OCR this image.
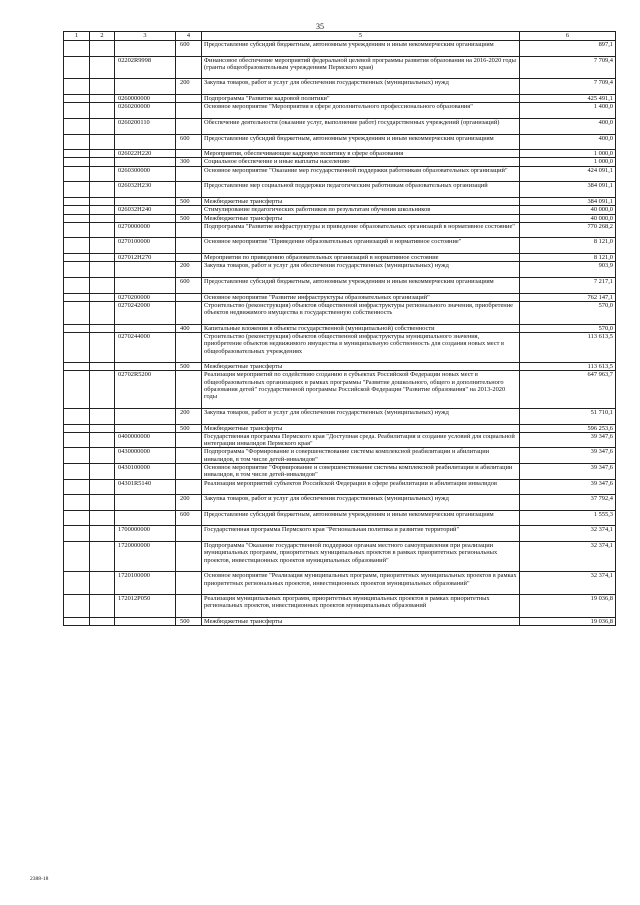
35
1	2	3	4	5	6
			600	Предоставление субсидий бюджетным, автономным учреждениям и иным некоммерческим организациям	897,1
		02202R9998		Финансовое обеспечение мероприятий федеральной целевой программы развития образования на 2016-2020 годы (гранты общеобразовательным учреждениям Пермского края)	7 709,4
			200	Закупка товаров, работ и услуг для обеспечения государственных (муниципальных) нужд	7 709,4
		0260000000		Подпрограмма "Развитие кадровой политики"	425 491,1
		0260200000		Основное мероприятие "Мероприятия в сфере дополнительного профессионального образования"	1 400,0
		0260200110		Обеспечение деятельности (оказание услуг, выполнение работ) государственных учреждений (организаций)	400,0
			600	Предоставление субсидий бюджетным, автономным учреждениям и иным некоммерческим организациям	400,0
		026022Н220		Мероприятия, обеспечивающие кадровую политику в сфере образования	1 000,0
			300	Социальное обеспечение и иные выплаты населению	1 000,0
		0260300000		Основное мероприятие "Оказание мер государственной поддержки работникам образовательных организаций"	424 091,1
		026032Н230		Предоставление мер социальной поддержки педагогическим работникам образовательных организаций	384 091,1
			500	Межбюджетные трансферты	384 091,1
		026032Н240		Стимулирование педагогических работников по результатам обучения школьников	40 000,0
			500	Межбюджетные трансферты	40 000,0
		0270000000		Подпрограмма "Развитие инфраструктуры и приведение образовательных организаций в нормативное состояние"	770 268,2
		0270100000		Основное мероприятие "Приведение образовательных организаций в нормативное состояние"	8 121,0
		027012Н270		Мероприятия по приведению образовательных организаций в нормативное состояние	8 121,0
			200	Закупка товаров, работ и услуг для обеспечения государственных (муниципальных) нужд	903,9
			600	Предоставление субсидий бюджетным, автономным учреждениям и иным некоммерческим организациям	7 217,1
		0270200000		Основное мероприятие "Развитие инфраструктуры образовательных организаций"	762 147,1
		0270242000		Строительство (реконструкция) объектов общественной инфраструктуры регионального значения, приобретение объектов недвижимого имущества в государственную собственность	570,0
			400	Капитальные вложения в объекты государственной (муниципальной) собственности	570,0
		0270244000		Строительство (реконструкция) объектов общественной инфраструктуры муниципального значения, приобретение объектов недвижимого имущества в муниципальную собственность для создания новых мест в общеобразовательных учреждениях	113 613,5
			500	Межбюджетные трансферты	113 613,5
		02702R5200		Реализация мероприятий по содействию созданию в субъектах Российской Федерации новых мест в общеобразовательных организациях в рамках программы "Развитие дошкольного, общего и дополнительного образования детей" государственной программы Российской Федерации "Развитие образования" на 2013-2020 годы	647 963,7
			200	Закупка товаров, работ и услуг для обеспечения государственных (муниципальных) нужд	51 710,1
			500	Межбюджетные трансферты	596 253,6
		0400000000		Государственная программа Пермского края "Доступная среда. Реабилитация и создание условий для социальной интеграции инвалидов Пермского края"	39 347,6
		0430000000		Подпрограмма "Формирование и совершенствование системы комплексной реабилитации и абилитации инвалидов, в том числе детей-инвалидов"	39 347,6
		0430100000		Основное мероприятие "Формирование и совершенствование системы комплексной реабилитации и абилитации инвалидов, в том числе детей-инвалидов"	39 347,6
		04301R5140		Реализация мероприятий субъектов Российской Федерации в сфере реабилитации и абилитации инвалидов	39 347,6
			200	Закупка товаров, работ и услуг для обеспечения государственных (муниципальных) нужд	37 792,4
			600	Предоставление субсидий бюджетным, автономным учреждениям и иным некоммерческим организациям	1 555,3
		1700000000		Государственная программа Пермского края "Региональная политика и развитие территорий"	32 374,1
		1720000000		Подпрограмма "Оказание государственной поддержки органам местного самоуправления при реализации муниципальных программ, приоритетных муниципальных проектов в рамках приоритетных региональных проектов, инвестиционных проектов муниципальных образований"	32 374,1
		1720100000		Основное мероприятие "Реализация муниципальных программ, приоритетных муниципальных проектов в рамках приоритетных региональных проектов, инвестиционных проектов муниципальных образований"	32 374,1
		172012Р050		Реализация муниципальных программ, приоритетных муниципальных проектов в рамках приоритетных региональных проектов, инвестиционных проектов муниципальных образований	19 036,8
			500	Межбюджетные трансферты	19 036,8
2388-18
